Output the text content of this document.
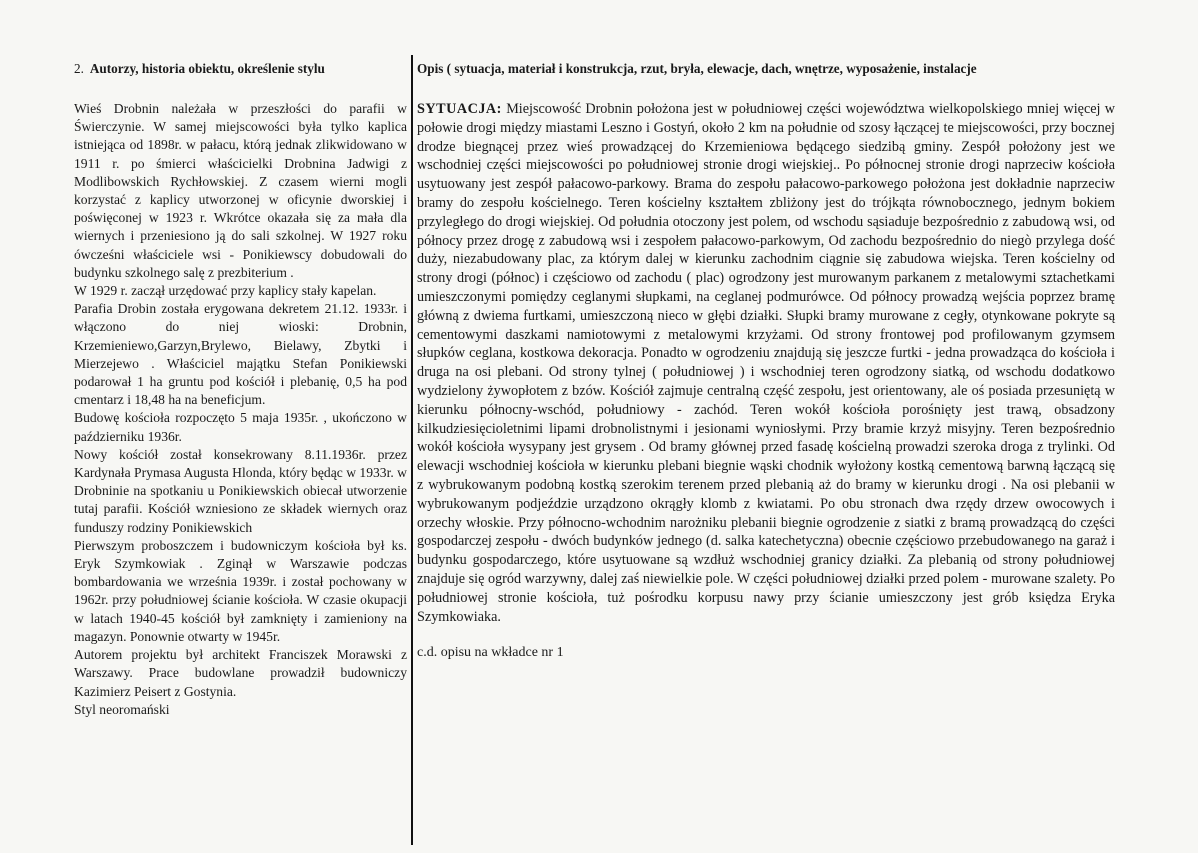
2. Autorzy, historia obiektu, określenie stylu

Wieś Drobnin należała w przeszłości do parafii w Świerczynie. W samej miejscowości była tylko kaplica istniejąca od 1898r. w pałacu, którą jednak zlikwidowano w 1911 r. po śmierci właścicielki Drobnina Jadwigi z Modlibowskich Rychłowskiej. Z czasem wierni mogli korzystać z kaplicy utworzonej w oficynie dworskiej i poświęconej w 1923 r. Wkrótce okazała się za mała dla wiernych i przeniesiono ją do sali szkolnej. W 1927 roku ówcześni właściciele wsi - Ponikiewscy dobudowali do budynku szkolnego salę z prezbiterium .

W 1929 r. zaczął urzędować przy kaplicy stały kapelan.

Parafia Drobin została erygowana dekretem 21.12. 1933r. i włączono do niej wioski: Drobnin, Krzemieniewo,Garzyn,Brylewo, Bielawy, Zbytki i Mierzejewo . Właściciel majątku Stefan Ponikiewski podarował 1 ha gruntu pod kościół i plebanię, 0,5 ha pod cmentarz i 18,48 ha na beneficjum.

Budowę kościoła rozpoczęto 5 maja 1935r. , ukończono w październiku 1936r.

Nowy kościół został konsekrowany 8.11.1936r. przez Kardynała Prymasa Augusta Hlonda, który będąc w 1933r. w Drobninie na spotkaniu u Ponikiewskich obiecał utworzenie tutaj parafii. Kościół wzniesiono ze składek wiernych oraz funduszy rodziny Ponikiewskich

Pierwszym proboszczem i budowniczym kościoła był ks. Eryk Szymkowiak . Zginął w Warszawie podczas bombardowania we września 1939r. i został pochowany w 1962r. przy południowej ścianie kościoła. W czasie okupacji w latach 1940-45 kościół był zamknięty i zamieniony na magazyn. Ponownie otwarty w 1945r.

Autorem projektu był architekt Franciszek Morawski z Warszawy. Prace budowlane prowadził budowniczy Kazimierz Peisert z Gostynia.

Styl neoromański

Opis ( sytuacja, materiał i konstrukcja, rzut, bryła, elewacje, dach, wnętrze, wyposażenie, instalacje

SYTUACJA: Miejscowość Drobnin położona jest w południowej części województwa wielkopolskiego mniej więcej w połowie drogi między miastami Leszno i Gostyń, około 2 km na południe od szosy łączącej te miejscowości, przy bocznej drodze biegnącej przez wieś prowadzącej do Krzemieniowa będącego siedzibą gminy. Zespół położony jest we wschodniej części miejscowości po południowej stronie drogi wiejskiej.. Po północnej stronie drogi naprzeciw kościoła usytuowany jest zespół pałacowo-parkowy. Brama do zespołu pałacowo-parkowego położona jest dokładnie naprzeciw bramy do zespołu kościelnego. Teren kościelny kształtem zbliżony jest do trójkąta równobocznego, jednym bokiem przyległego do drogi wiejskiej. Od południa otoczony jest polem, od wschodu sąsiaduje bezpośrednio z zabudową wsi, od północy przez drogę z zabudową wsi i zespołem pałacowo-parkowym, Od zachodu bezpośrednio do niegò przylega dość duży, niezabudowany plac, za którym dalej w kierunku zachodnim ciągnie się zabudowa wiejska. Teren kościelny od strony drogi (północ) i częściowo od zachodu ( plac) ogrodzony jest murowanym parkanem z metalowymi sztachetkami umieszczonymi pomiędzy ceglanymi słupkami, na ceglanej podmurówce. Od północy prowadzą wejścia poprzez bramę główną z dwiema furtkami, umieszczoną nieco w głębi działki. Słupki bramy murowane z cegły, otynkowane pokryte są cementowymi daszkami namiotowymi z metalowymi krzyżami. Od strony frontowej pod profilowanym gzymsem słupków ceglana, kostkowa dekoracja. Ponadto w ogrodzeniu znajdują się jeszcze furtki - jedna prowadząca do kościoła i druga na osi plebani. Od strony tylnej ( południowej ) i wschodniej teren ogrodzony siatką, od wschodu dodatkowo wydzielony żywopłotem z bzów. Kościół zajmuje centralną część zespołu, jest orientowany, ale oś posiada przesuniętą w kierunku północny-wschód, południowy - zachód. Teren wokół kościoła porośnięty jest trawą, obsadzony kilkudziesięcioletnimi lipami drobnolistnymi i jesionami wyniosłymi. Przy bramie krzyż misyjny. Teren bezpośrednio wokół kościoła wysypany jest grysem . Od bramy głównej przed fasadę kościelną prowadzi szeroka droga z trylinki. Od elewacji wschodniej kościoła w kierunku plebani biegnie wąski chodnik wyłożony kostką cementową barwną łączącą się z wybrukowanym podobną kostką szerokim terenem przed plebanią aż do bramy w kierunku drogi . Na osi plebanii w wybrukowanym podjeździe urządzono okrągły klomb z kwiatami. Po obu stronach dwa rzędy drzew owocowych i orzechy włoskie. Przy północno-wchodnim narożniku plebanii biegnie ogrodzenie z siatki z bramą prowadzącą do części gospodarczej zespołu - dwóch budynków jednego (d. salka katechetyczna) obecnie częściowo przebudowanego na garaż i budynku gospodarczego, które usytuowane są wzdłuż wschodniej granicy działki. Za plebanią od strony południowej znajduje się ogród warzywny, dalej zaś niewielkie pole. W części południowej działki przed polem - murowane szalety. Po południowej stronie kościoła, tuż pośrodku korpusu nawy przy ścianie umieszczony jest grób księdza Eryka Szymkowiaka.

c.d. opisu na wkładce nr 1
